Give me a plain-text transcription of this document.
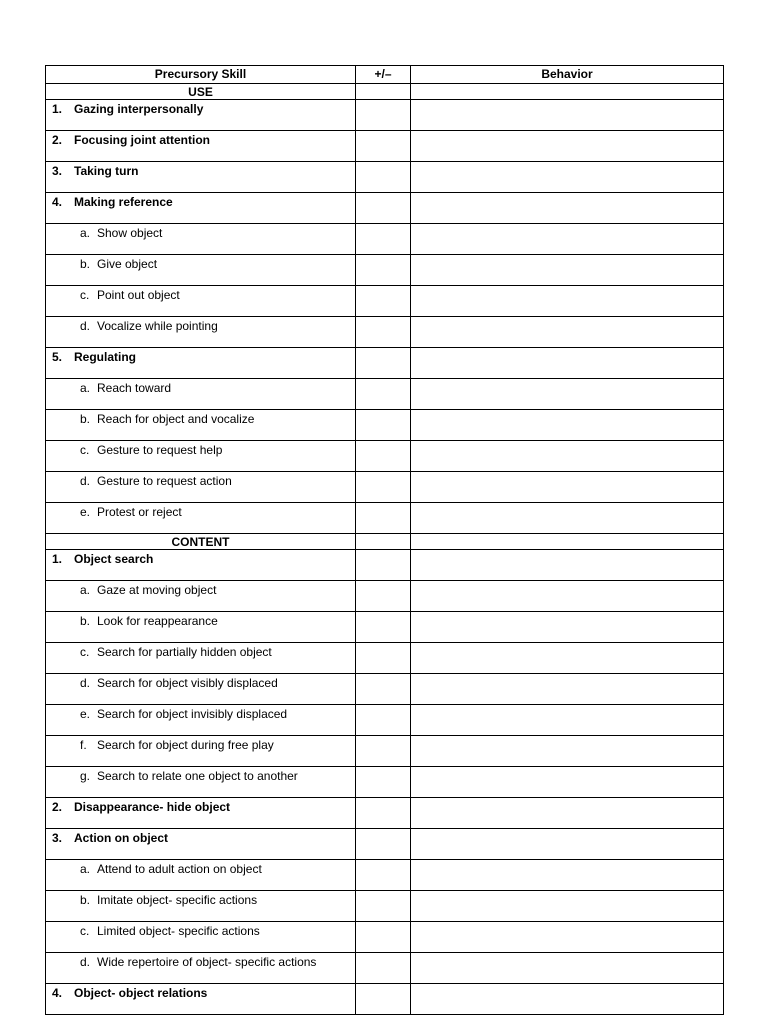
Precursory Skill	+/–	Behavior
USE		
1. Gazing interpersonally		
2. Focusing joint attention		
3. Taking turn		
4. Making reference		
a. Show object		
b. Give object		
c. Point out object		
d. Vocalize while pointing		
5. Regulating		
a. Reach toward		
b. Reach for object and vocalize		
c. Gesture to request help		
d. Gesture to request action		
e. Protest or reject		
CONTENT		
1. Object search		
a. Gaze at moving object		
b. Look for reappearance		
c. Search for partially hidden object		
d. Search for object visibly displaced		
e. Search for object invisibly displaced		
f. Search for object during free play		
g. Search to relate one object to another		
2. Disappearance- hide object		
3. Action on object		
a. Attend to adult action on object		
b. Imitate object- specific actions		
c. Limited object- specific actions		
d. Wide repertoire of object- specific actions		
4. Object- object relations		
